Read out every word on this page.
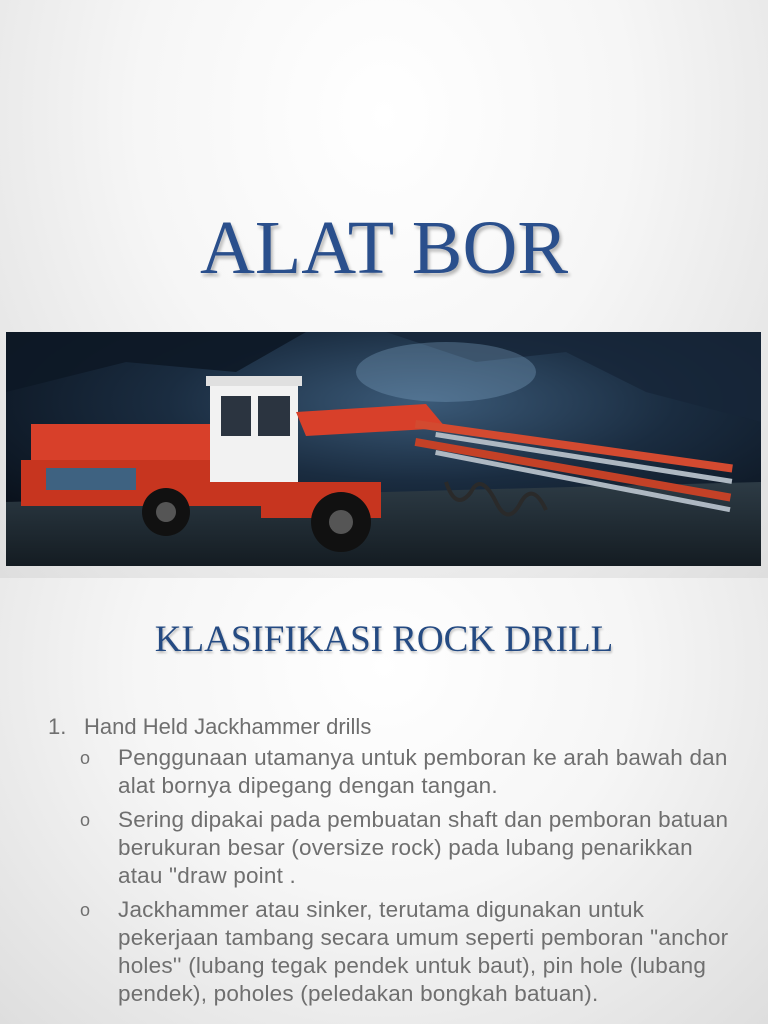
ALAT BOR
KLASIFIKASI ROCK DRILL
1. Hand Held Jackhammer drills
o Penggunaan utamanya untuk pemboran ke arah bawah dan alat bornya dipegang dengan tangan.
o Sering dipakai pada pembuatan shaft dan pemboran batuan berukuran besar (oversize rock) pada lubang penarikkan atau "draw point .
o Jackhammer atau sinker, terutama digunakan untuk pekerjaan tambang secara umum seperti pemboran "anchor holes'' (lubang tegak pendek untuk baut), pin hole (lubang pendek), poholes (peledakan bongkah batuan).
